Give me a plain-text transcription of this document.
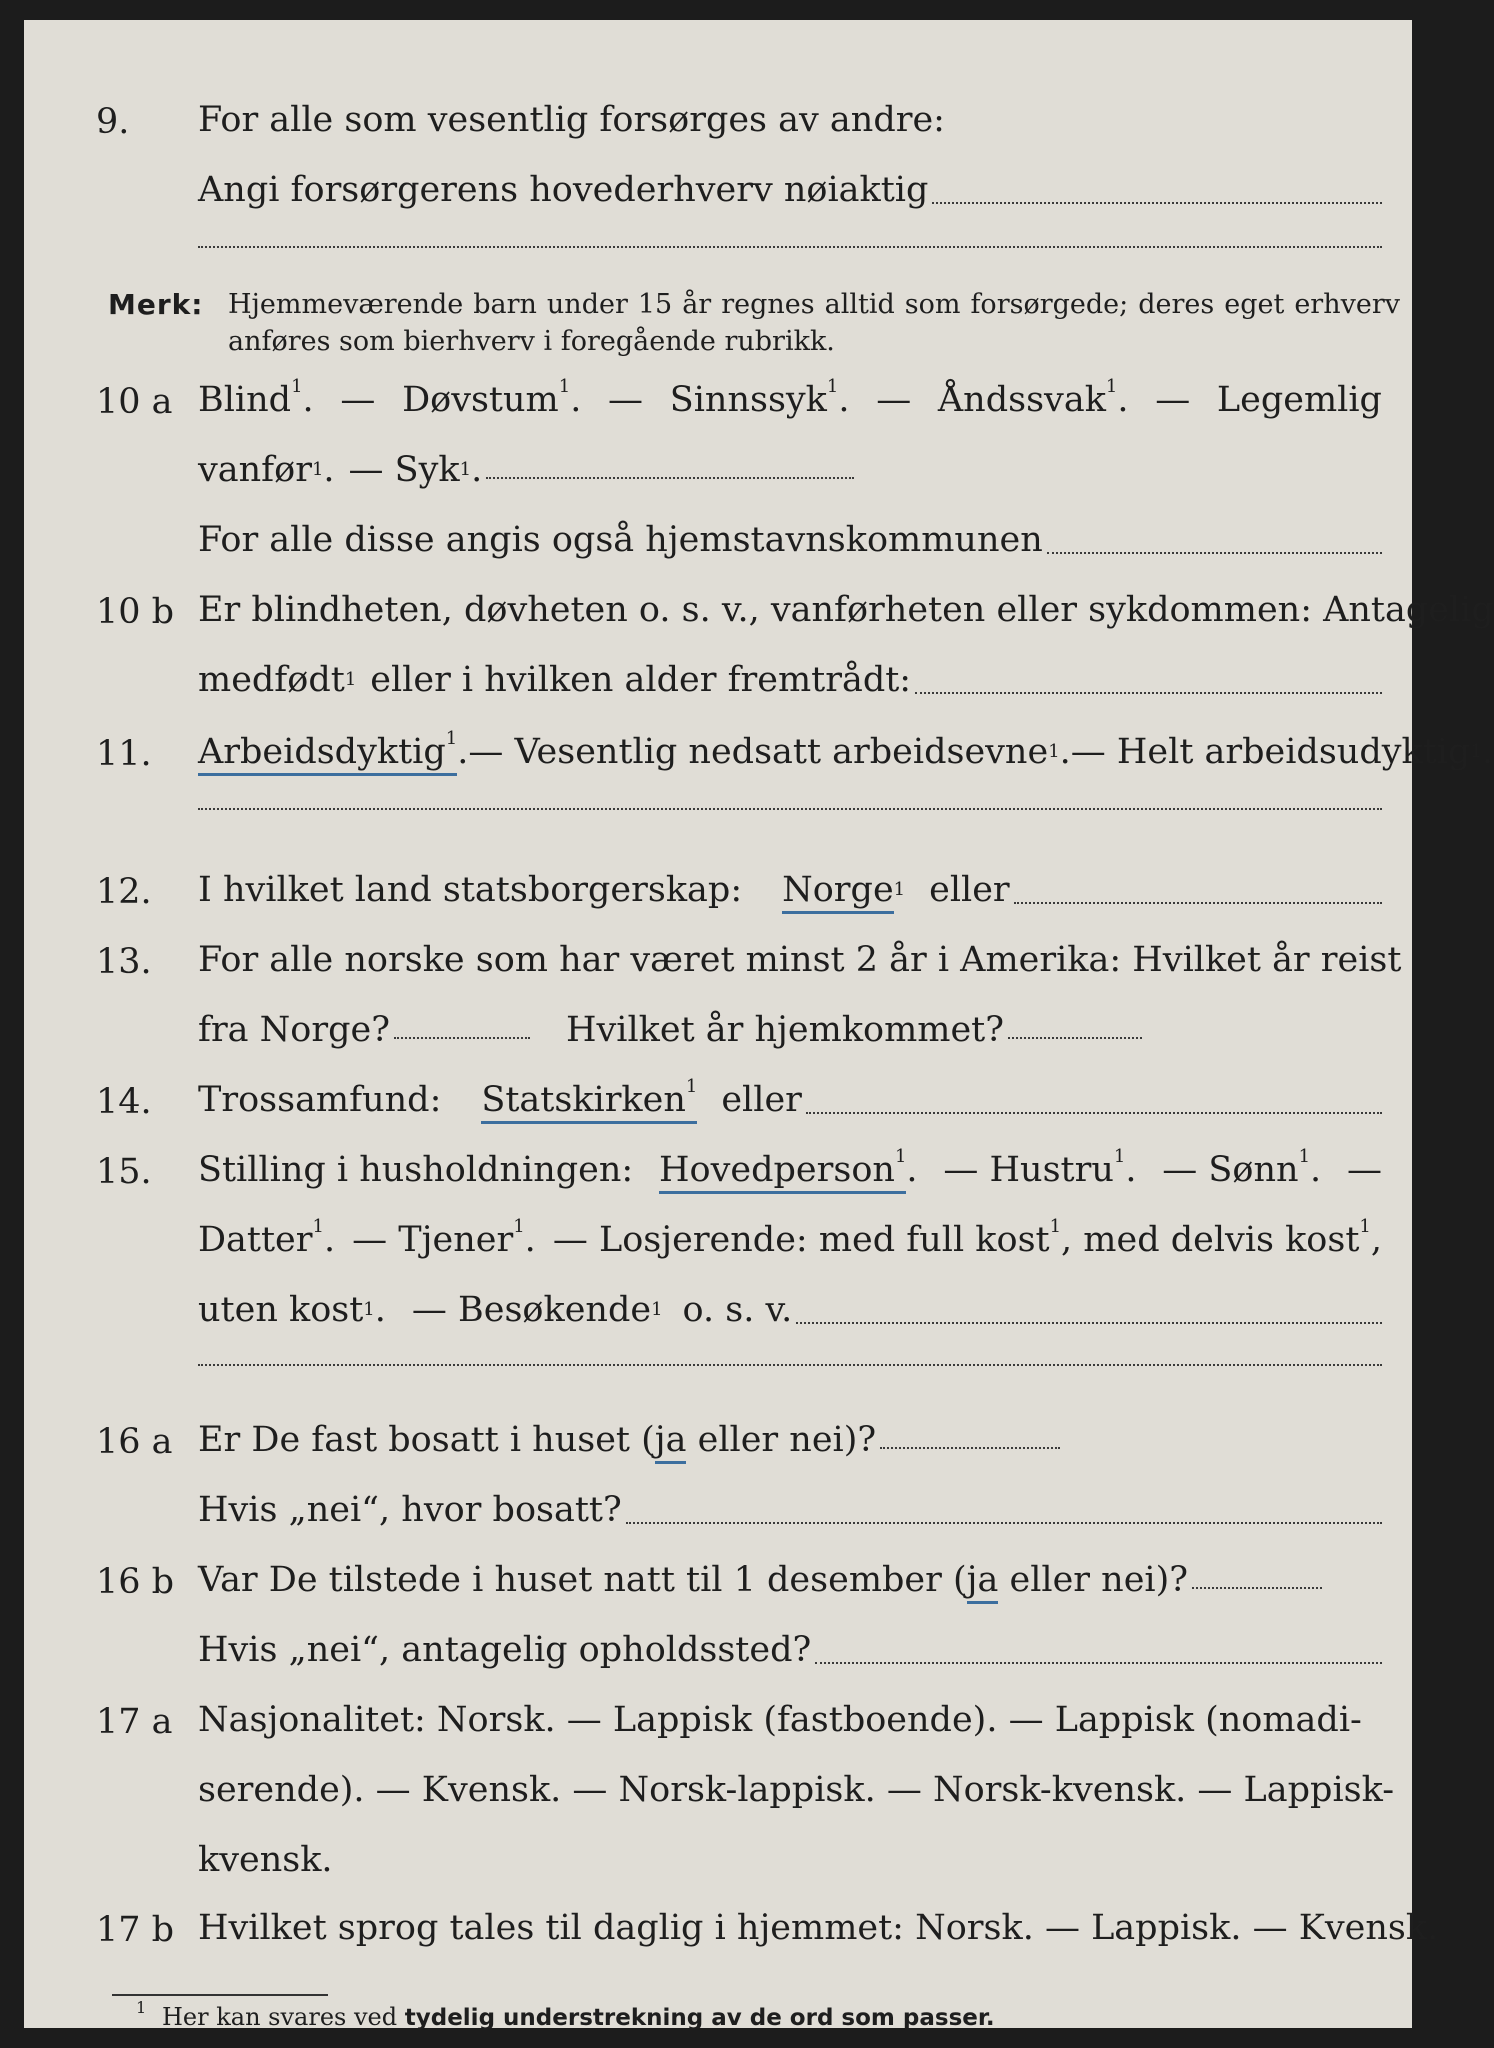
9.	For alle som vesentlig forsørges av andre:
Angi forsørgerens hovederhverv nøiaktig
Merk: Hjemmeværende barn under 15 år regnes alltid som forsørgede; deres eget erhverv anføres som bierhverv i foregående rubrikk.
10 a Blind$^1$. — Døvstum$^1$. — Sinnssyk$^1$. — Åndssvak$^1$. — Legemlig
vanfør$^1$ . — Syk$^1$ .
For alle disse angis også hjemstavnskommunen
10 b Er blindheten, døvheten o. s. v., vanførheten eller sykdommen: Antagelig
medfødt$^1$ eller i hvilken alder fremtrådt:
11.	Arbeidsdyktig$^1$ . — Vesentlig nedsatt arbeidsevne$^1$ . — Helt arbeidsudyktig$^1$ .
12.	I hvilket land statsborgerskap: Norge$^1$ eller
13.	For alle norske som har været minst 2 år i Amerika: Hvilket år reist
fra Norge?	Hvilket år hjemkommet?
14.	Trossamfund: Statskirken$^1$ eller
15.	Stilling i husholdningen: Hovedperson$^1$. — Hustru$^1$. — Sønn$^1$. —
Datter$^1$. — Tjener$^1$. — Losjerende: med full kost$^1$, med delvis kost$^1$,
uten kost$^1$ . — Besøkende$^1$ o. s. v.
16 a Er De fast bosatt i huset ( ja eller nei)?
Hvis „nei“, hvor bosatt?
16 b Var De tilstede i huset natt til 1 desember ( ja eller nei)?
Hvis „nei“, antagelig opholdssted?
17 a Nasjonalitet: Norsk. — Lappisk (fastboende). — Lappisk (nomadi-
serende). — Kvensk. — Norsk-lappisk. — Norsk-kvensk. — Lappisk-
kvensk.
17 b Hvilket sprog tales til daglig i hjemmet: Norsk. — Lappisk. — Kvensk.
1 Her kan svares ved tydelig understrekning av de ord som passer.
